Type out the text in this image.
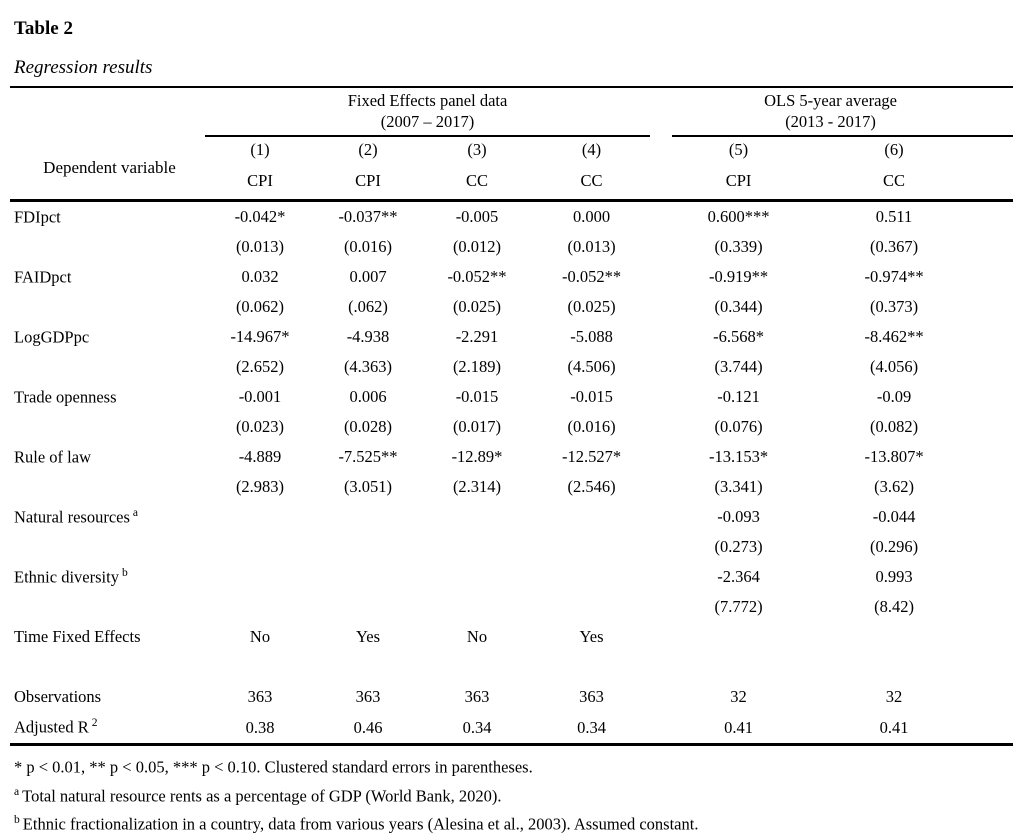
Table 2
Regression results
	Fixed Effects panel data
(2007 – 2017)					OLS 5-year average
(2013 - 2017)	
Dependent variable	(1)	(2)	(3)	(4)		(5)	(6)
	CPI	CPI	CC	CC		CPI	CC
FDIpct	-0.042*	-0.037**	-0.005	0.000		0.600***	0.511
	(0.013)	(0.016)	(0.012)	(0.013)		(0.339)	(0.367)
FAIDpct	0.032	0.007	-0.052**	-0.052**		-0.919**	-0.974**
	(0.062)	(.062)	(0.025)	(0.025)		(0.344)	(0.373)
LogGDPpc	-14.967*	-4.938	-2.291	-5.088		-6.568*	-8.462**
	(2.652)	(4.363)	(2.189)	(4.506)		(3.744)	(4.056)
Trade openness	-0.001	0.006	-0.015	-0.015		-0.121	-0.09
	(0.023)	(0.028)	(0.017)	(0.016)		(0.076)	(0.082)
Rule of law	-4.889	-7.525**	-12.89*	-12.527*		-13.153*	-13.807*
	(2.983)	(3.051)	(2.314)	(2.546)		(3.341)	(3.62)
Natural resources $^a$						-0.093	-0.044
						(0.273)	(0.296)
Ethnic diversity $^b$						-2.364	0.993
						(7.772)	(8.42)
Time Fixed Effects	No	Yes	No	Yes			

Observations	363	363	363	363		32	32
Adjusted R $^2$	0.38	0.46	0.34	0.34		0.41	0.41
* p < 0.01, ** p < 0.05, *** p < 0.10. Clustered standard errors in parentheses.
$^a$ Total natural resource rents as a percentage of GDP (World Bank, 2020).
$^b$ Ethnic fractionalization in a country, data from various years (Alesina et al., 2003). Assumed constant.
